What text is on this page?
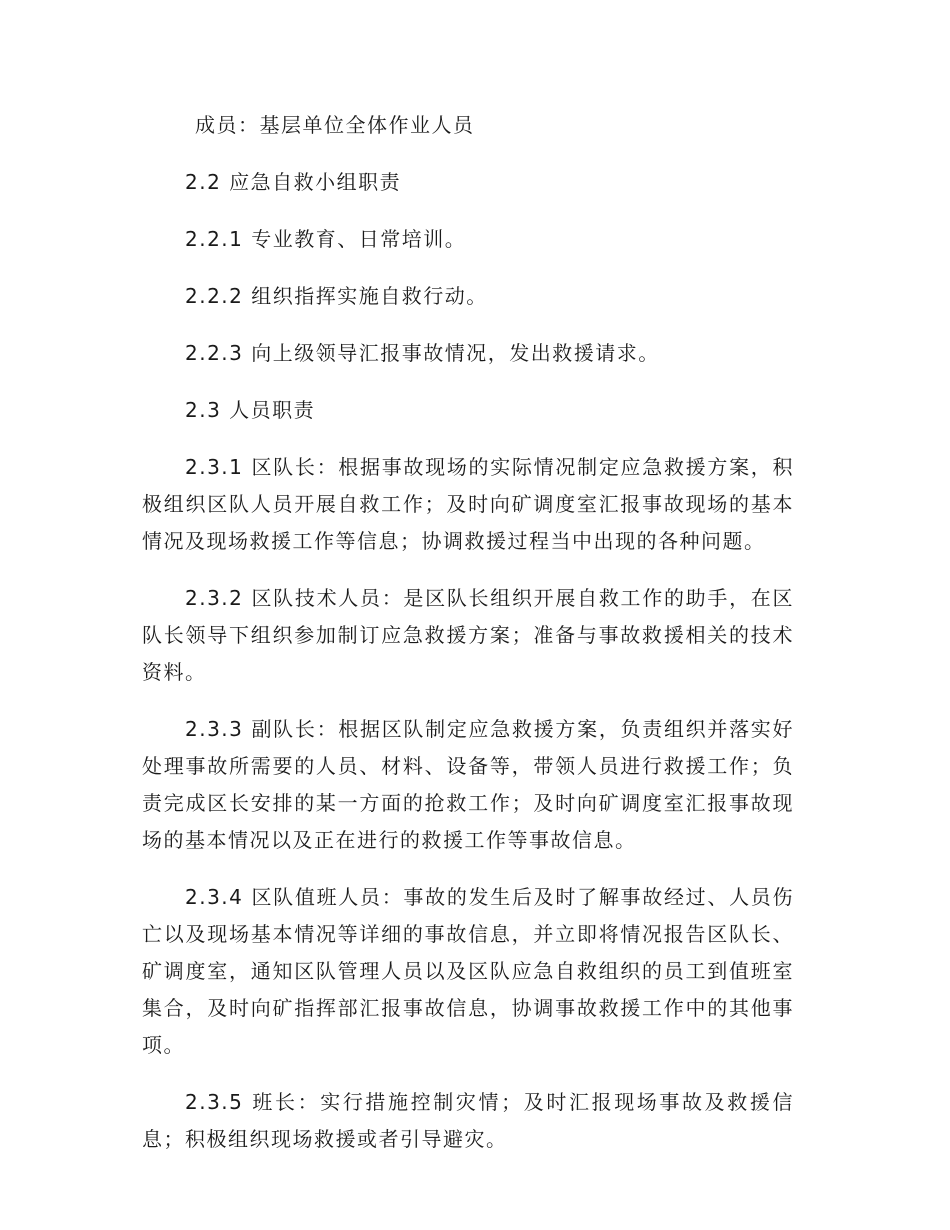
成员：基层单位全体作业人员

2.2 应急自救小组职责

2.2.1 专业教育、日常培训。

2.2.2 组织指挥实施自救行动。

2.2.3 向上级领导汇报事故情况，发出救援请求。

2.3 人员职责

2.3.1 区队长：根据事故现场的实际情况制定应急救援方案，积极组织区队人员开展自救工作；及时向矿调度室汇报事故现场的基本情况及现场救援工作等信息；协调救援过程当中出现的各种问题。

2.3.2 区队技术人员：是区队长组织开展自救工作的助手，在区队长领导下组织参加制订应急救援方案；准备与事故救援相关的技术资料。

2.3.3 副队长：根据区队制定应急救援方案，负责组织并落实好处理事故所需要的人员、材料、设备等，带领人员进行救援工作；负责完成区长安排的某一方面的抢救工作；及时向矿调度室汇报事故现场的基本情况以及正在进行的救援工作等事故信息。

2.3.4 区队值班人员：事故的发生后及时了解事故经过、人员伤亡以及现场基本情况等详细的事故信息，并立即将情况报告区队长、矿调度室，通知区队管理人员以及区队应急自救组织的员工到值班室集合，及时向矿指挥部汇报事故信息，协调事故救援工作中的其他事项。

2.3.5 班长：实行措施控制灾情；及时汇报现场事故及救援信息；积极组织现场救援或者引导避灾。
